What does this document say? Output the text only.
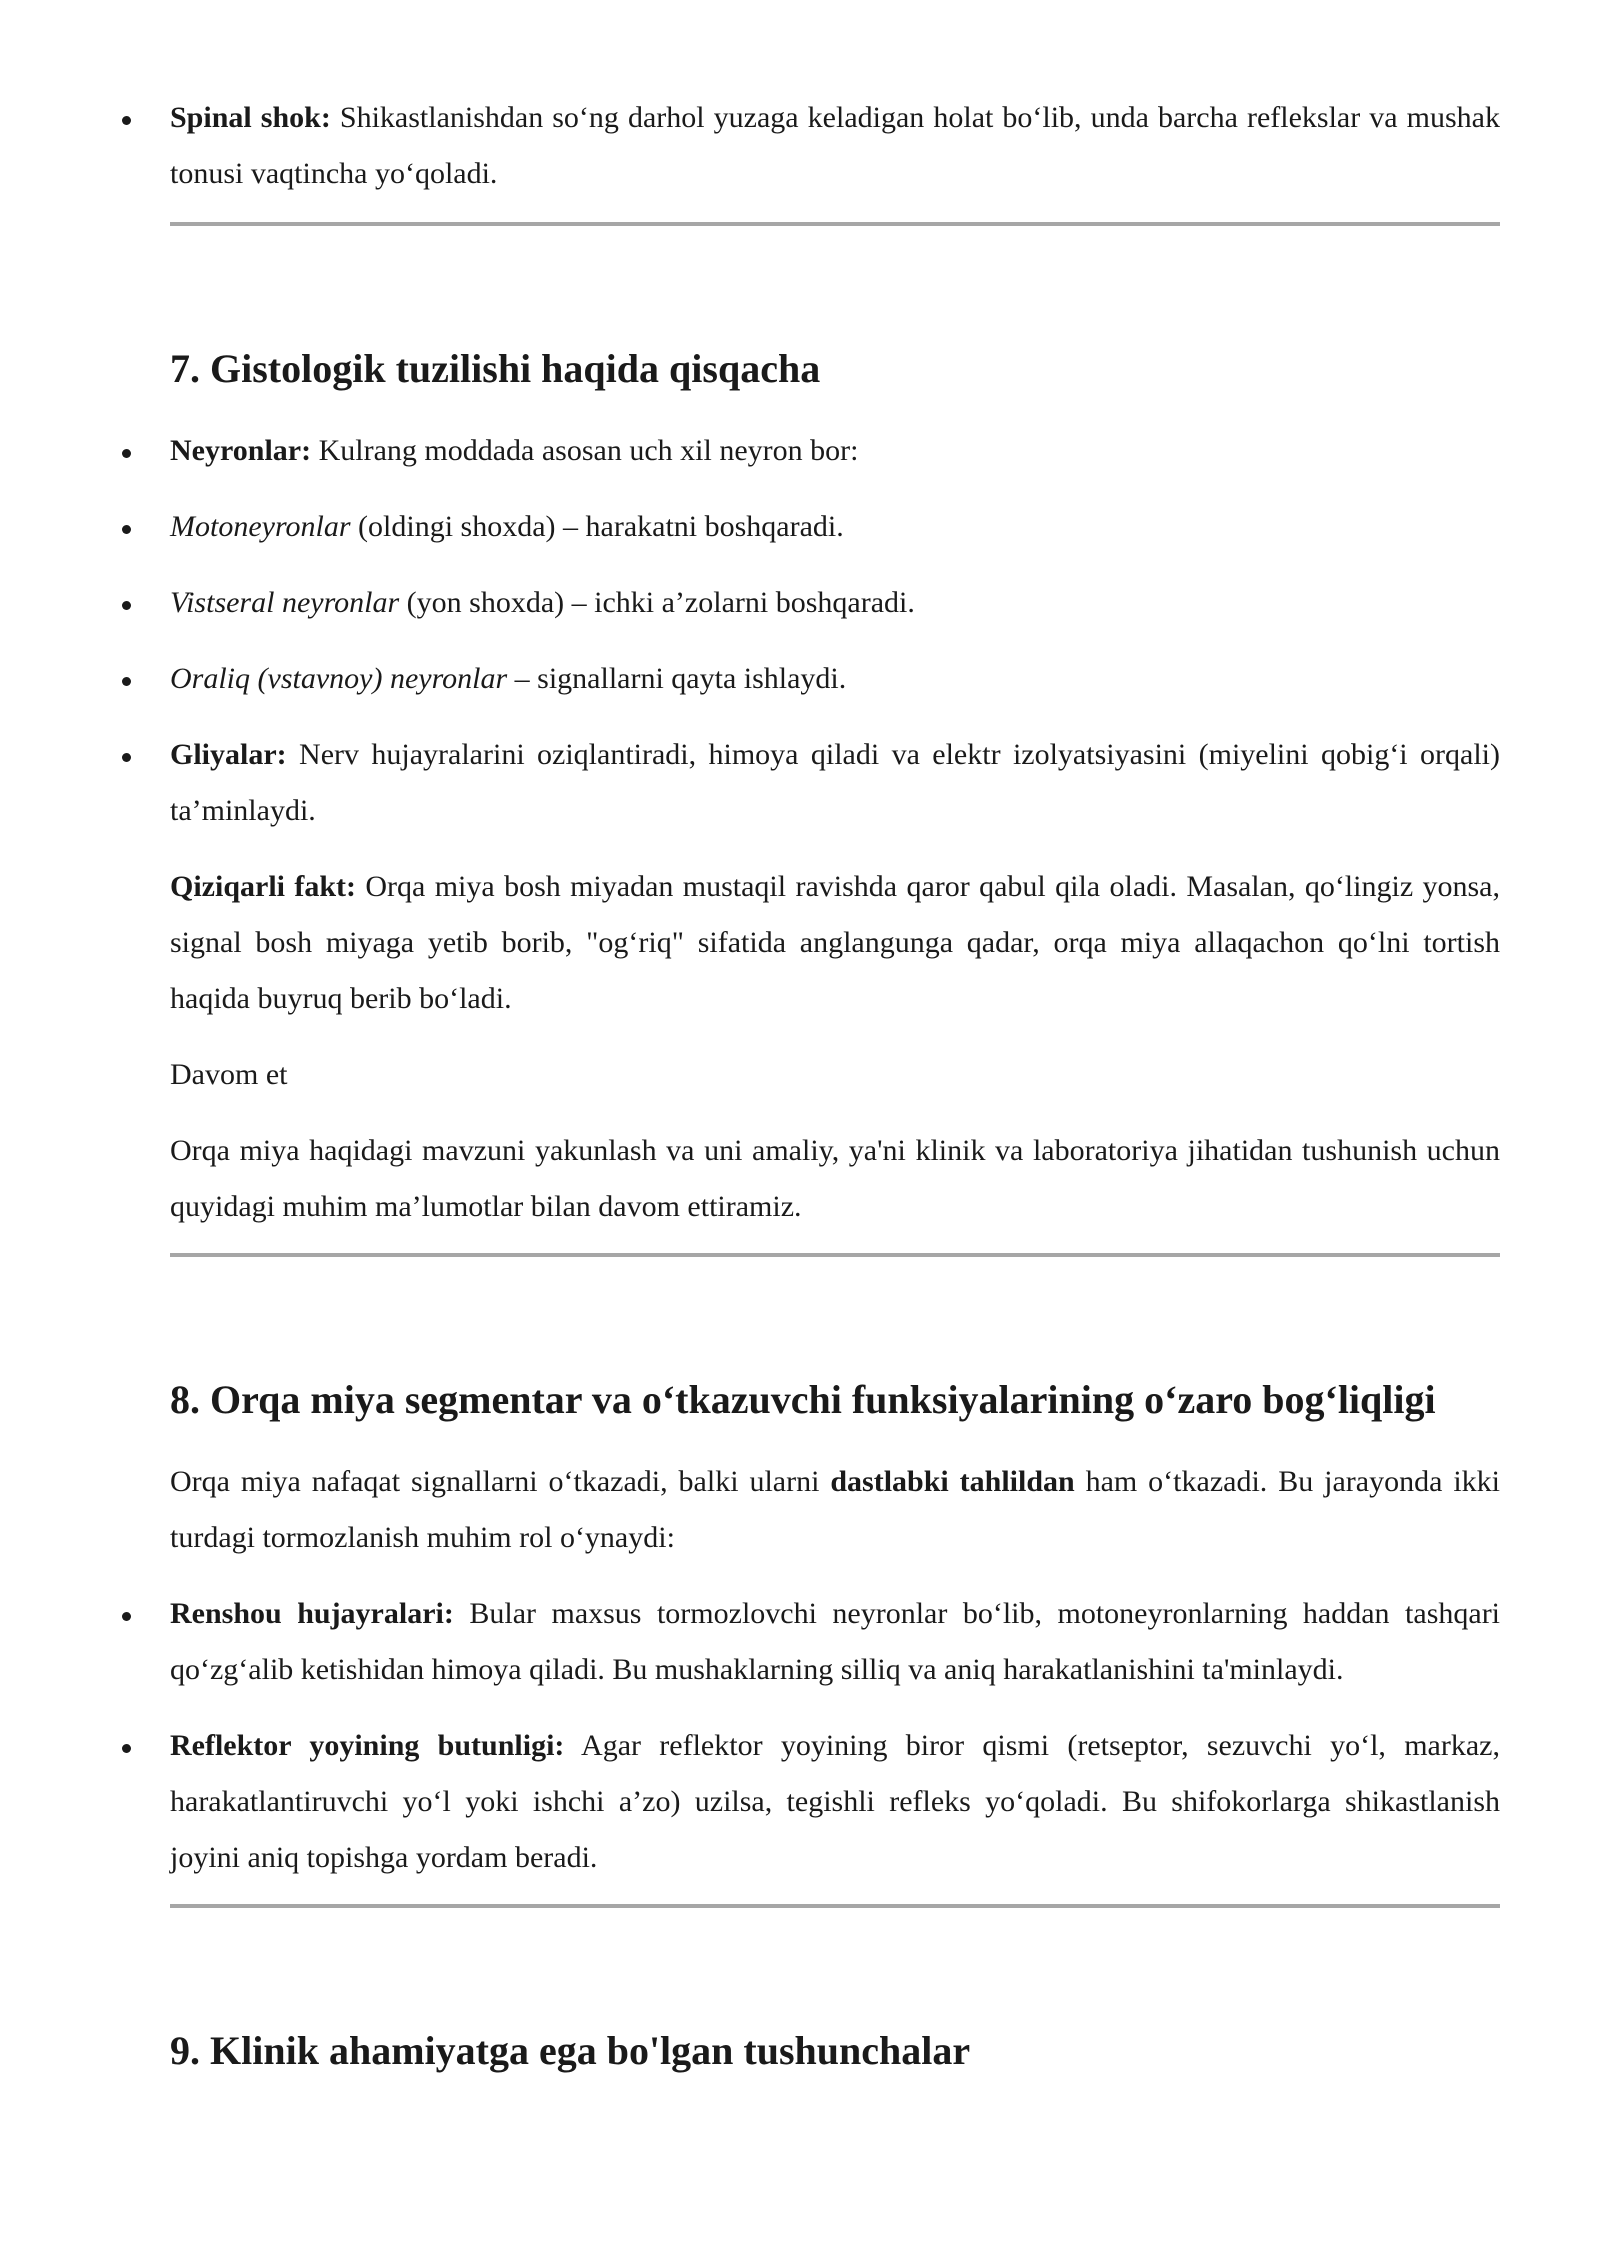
Spinal shok: Shikastlanishdan so‘ng darhol yuzaga keladigan holat bo‘lib, unda barcha reflekslar va mushak tonusi vaqtincha yo‘qoladi.

7. Gistologik tuzilishi haqida qisqacha

Neyronlar: Kulrang moddada asosan uch xil neyron bor:

Motoneyronlar (oldingi shoxda) – harakatni boshqaradi.

Vistseral neyronlar (yon shoxda) – ichki a’zolarni boshqaradi.

Oraliq (vstavnoy) neyronlar – signallarni qayta ishlaydi.

Gliyalar: Nerv hujayralarini oziqlantiradi, himoya qiladi va elektr izolyatsiyasini (miyelini qobig‘i orqali) ta’minlaydi.

Qiziqarli fakt: Orqa miya bosh miyadan mustaqil ravishda qaror qabul qila oladi. Masalan, qo‘lingiz yonsa, signal bosh miyaga yetib borib, "og‘riq" sifatida anglangunga qadar, orqa miya allaqachon qo‘lni tortish haqida buyruq berib bo‘ladi.

Davom et

Orqa miya haqidagi mavzuni yakunlash va uni amaliy, ya'ni klinik va laboratoriya jihatidan tushunish uchun quyidagi muhim ma’lumotlar bilan davom ettiramiz.

8. Orqa miya segmentar va o‘tkazuvchi funksiyalarining o‘zaro bog‘liqligi

Orqa miya nafaqat signallarni o‘tkazadi, balki ularni dastlabki tahlildan ham o‘tkazadi. Bu jarayonda ikki turdagi tormozlanish muhim rol o‘ynaydi:

Renshou hujayralari: Bular maxsus tormozlovchi neyronlar bo‘lib, motoneyronlarning haddan tashqari qo‘zg‘alib ketishidan himoya qiladi. Bu mushaklarning silliq va aniq harakatlanishini ta'minlaydi.

Reflektor yoyining butunligi: Agar reflektor yoyining biror qismi (retseptor, sezuvchi yo‘l, markaz, harakatlantiruvchi yo‘l yoki ishchi a’zo) uzilsa, tegishli refleks yo‘qoladi. Bu shifokorlarga shikastlanish joyini aniq topishga yordam beradi.

9. Klinik ahamiyatga ega bo'lgan tushunchalar
